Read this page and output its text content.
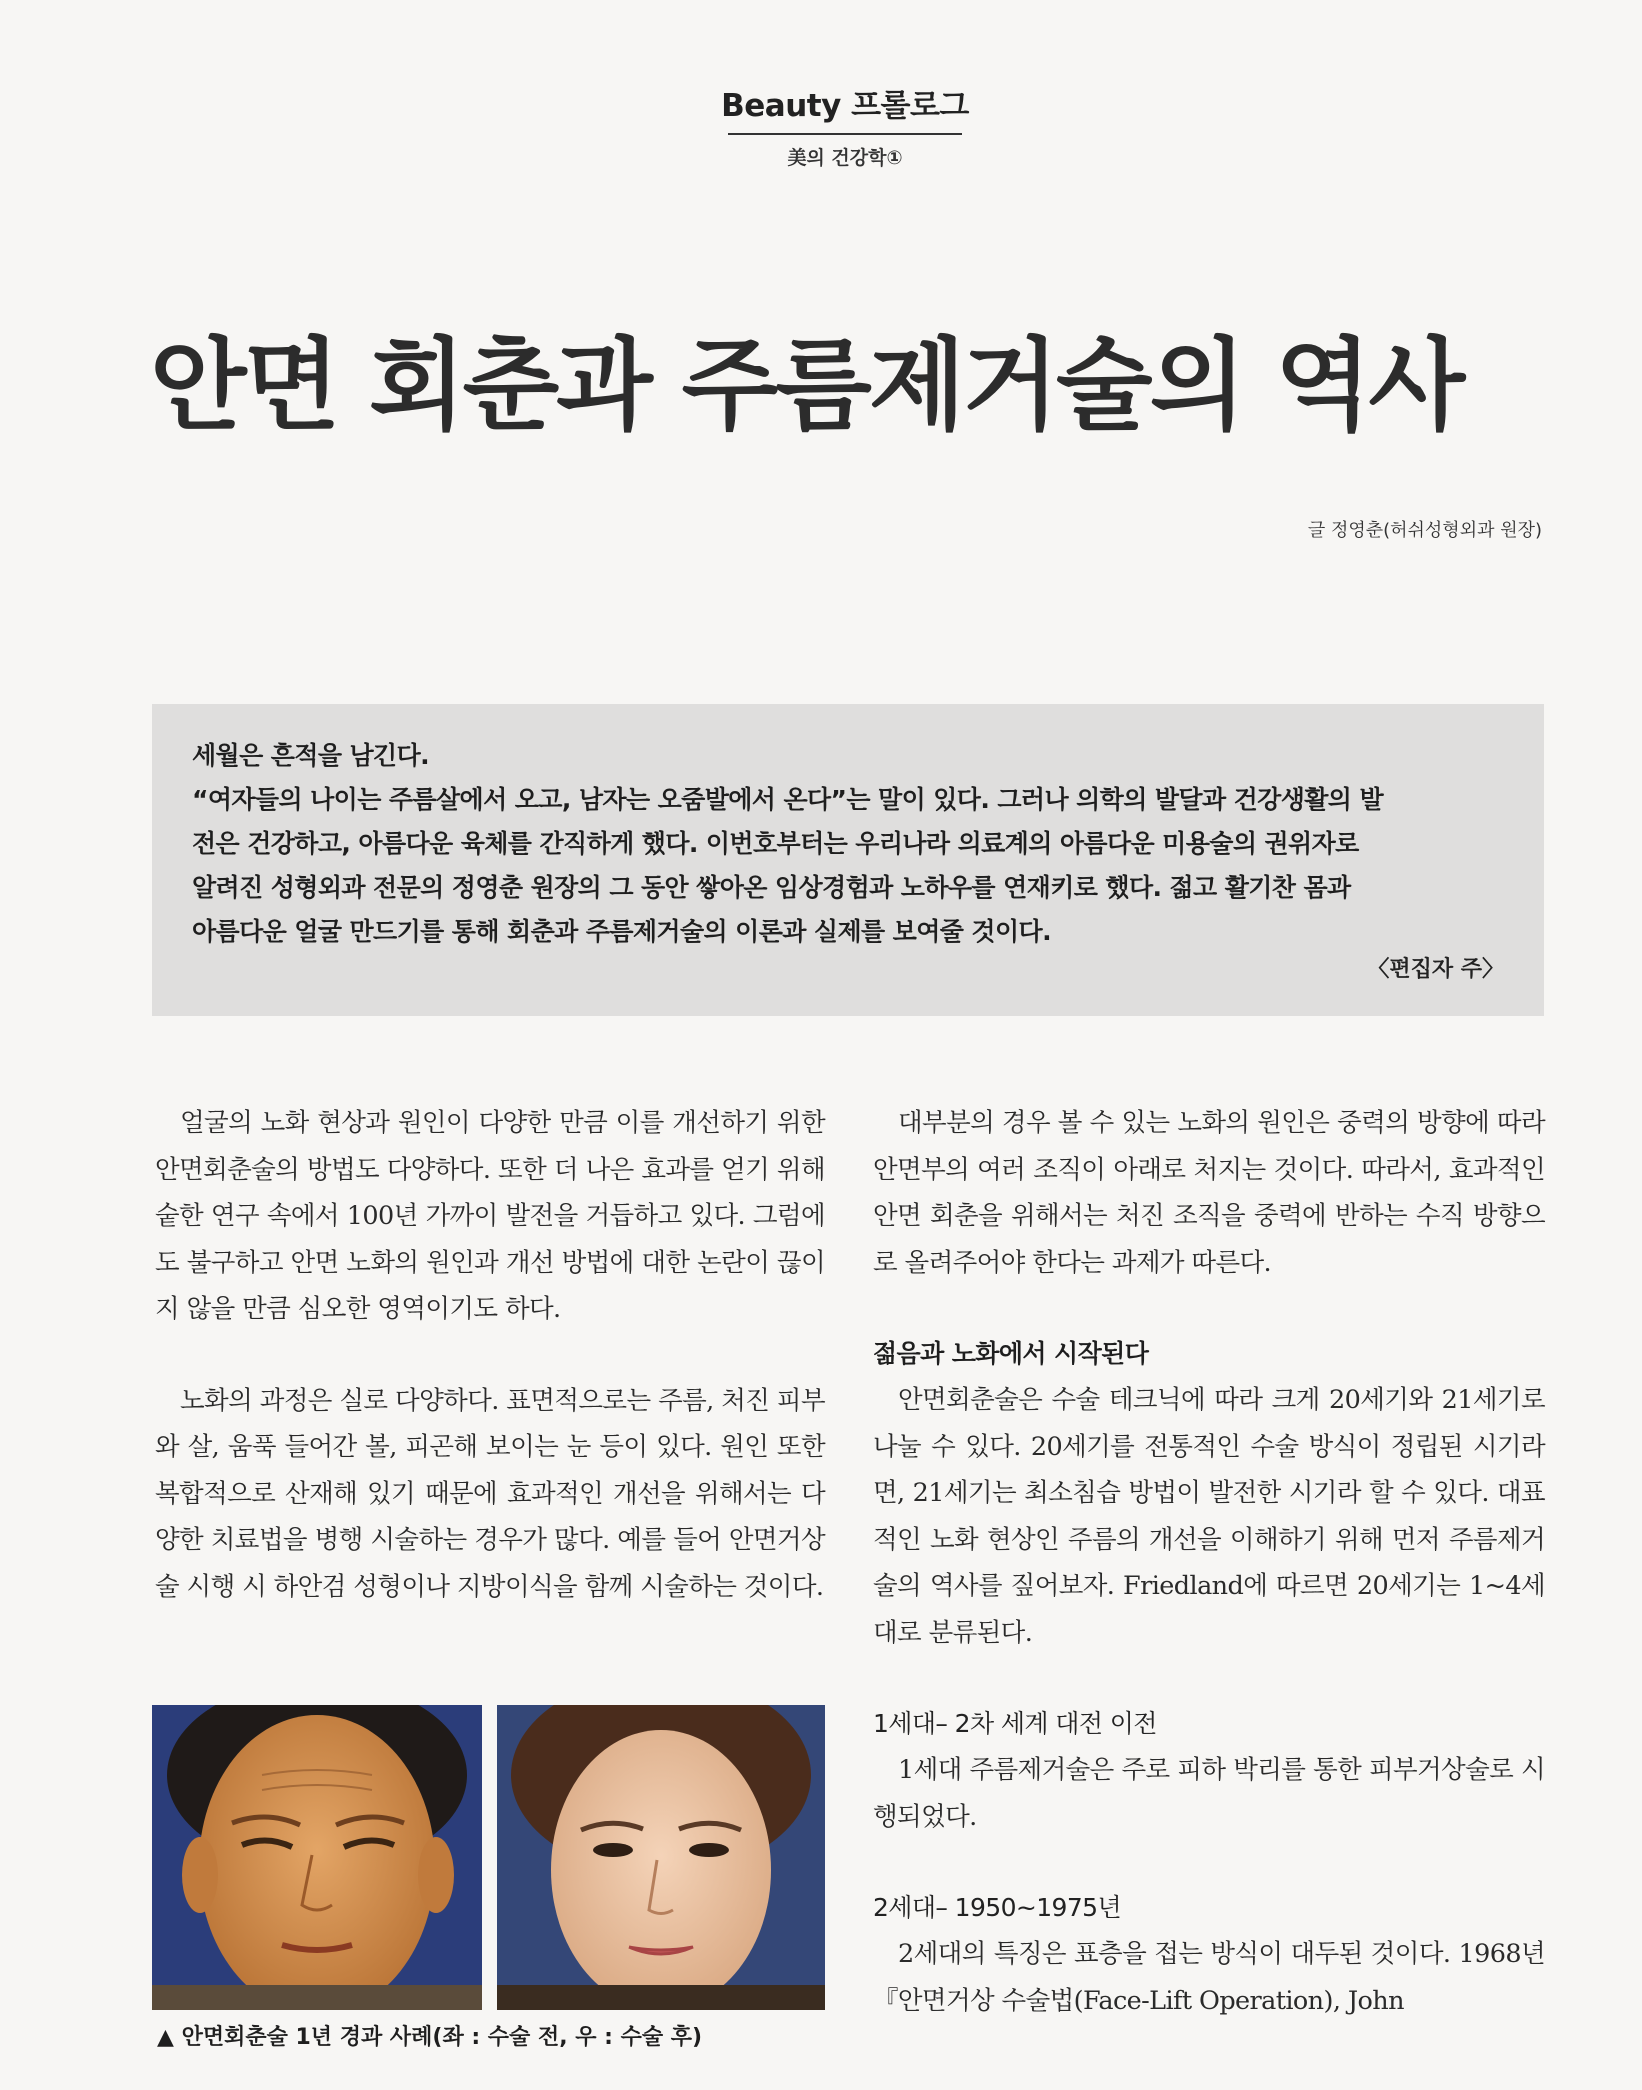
Beauty 프롤로그
美의 건강학①
안면 회춘과 주름제거술의 역사
글 정영춘(허쉬성형외과 원장)

세월은 흔적을 남긴다.

“여자들의 나이는 주름살에서 오고, 남자는 오줌발에서 온다”는 말이 있다. 그러나 의학의 발달과 건강생활의 발

전은 건강하고, 아름다운 육체를 간직하게 했다. 이번호부터는 우리나라 의료계의 아름다운 미용술의 권위자로

알려진 성형외과 전문의 정영춘 원장의 그 동안 쌓아온 임상경험과 노하우를 연재키로 했다. 젊고 활기찬 몸과

아름다운 얼굴 만드기를 통해 회춘과 주름제거술의 이론과 실제를 보여줄 것이다.

〈편집자 주〉

얼굴의 노화 현상과 원인이 다양한 만큼 이를 개선하기 위한 안면회춘술의 방법도 다양하다. 또한 더 나은 효과를 얻기 위해 숱한 연구 속에서 100년 가까이 발전을 거듭하고 있다. 그럼에도 불구하고 안면 노화의 원인과 개선 방법에 대한 논란이 끊이지 않을 만큼 심오한 영역이기도 하다.

노화의 과정은 실로 다양하다. 표면적으로는 주름, 처진 피부와 살, 움푹 들어간 볼, 피곤해 보이는 눈 등이 있다. 원인 또한 복합적으로 산재해 있기 때문에 효과적인 개선을 위해서는 다양한 치료법을 병행 시술하는 경우가 많다. 예를 들어 안면거상술 시행 시 하안검 성형이나 지방이식을 함께 시술하는 것이다.

대부분의 경우 볼 수 있는 노화의 원인은 중력의 방향에 따라 안면부의 여러 조직이 아래로 처지는 것이다. 따라서, 효과적인 안면 회춘을 위해서는 처진 조직을 중력에 반하는 수직 방향으로 올려주어야 한다는 과제가 따른다.

젊음과 노화에서 시작된다

안면회춘술은 수술 테크닉에 따라 크게 20세기와 21세기로 나눌 수 있다. 20세기를 전통적인 수술 방식이 정립된 시기라면, 21세기는 최소침습 방법이 발전한 시기라 할 수 있다. 대표적인 노화 현상인 주름의 개선을 이해하기 위해 먼저 주름제거술의 역사를 짚어보자. Friedland에 따르면 20세기는 1~4세대로 분류된다.

1세대– 2차 세계 대전 이전

1세대 주름제거술은 주로 피하 박리를 통한 피부거상술로 시행되었다.

2세대– 1950~1975년

2세대의 특징은 표층을 접는 방식이 대두된 것이다. 1968년 『안면거상 수술법(Face-Lift Operation), John

▲ 안면회춘술 1년 경과 사례(좌 : 수술 전, 우 : 수술 후)
